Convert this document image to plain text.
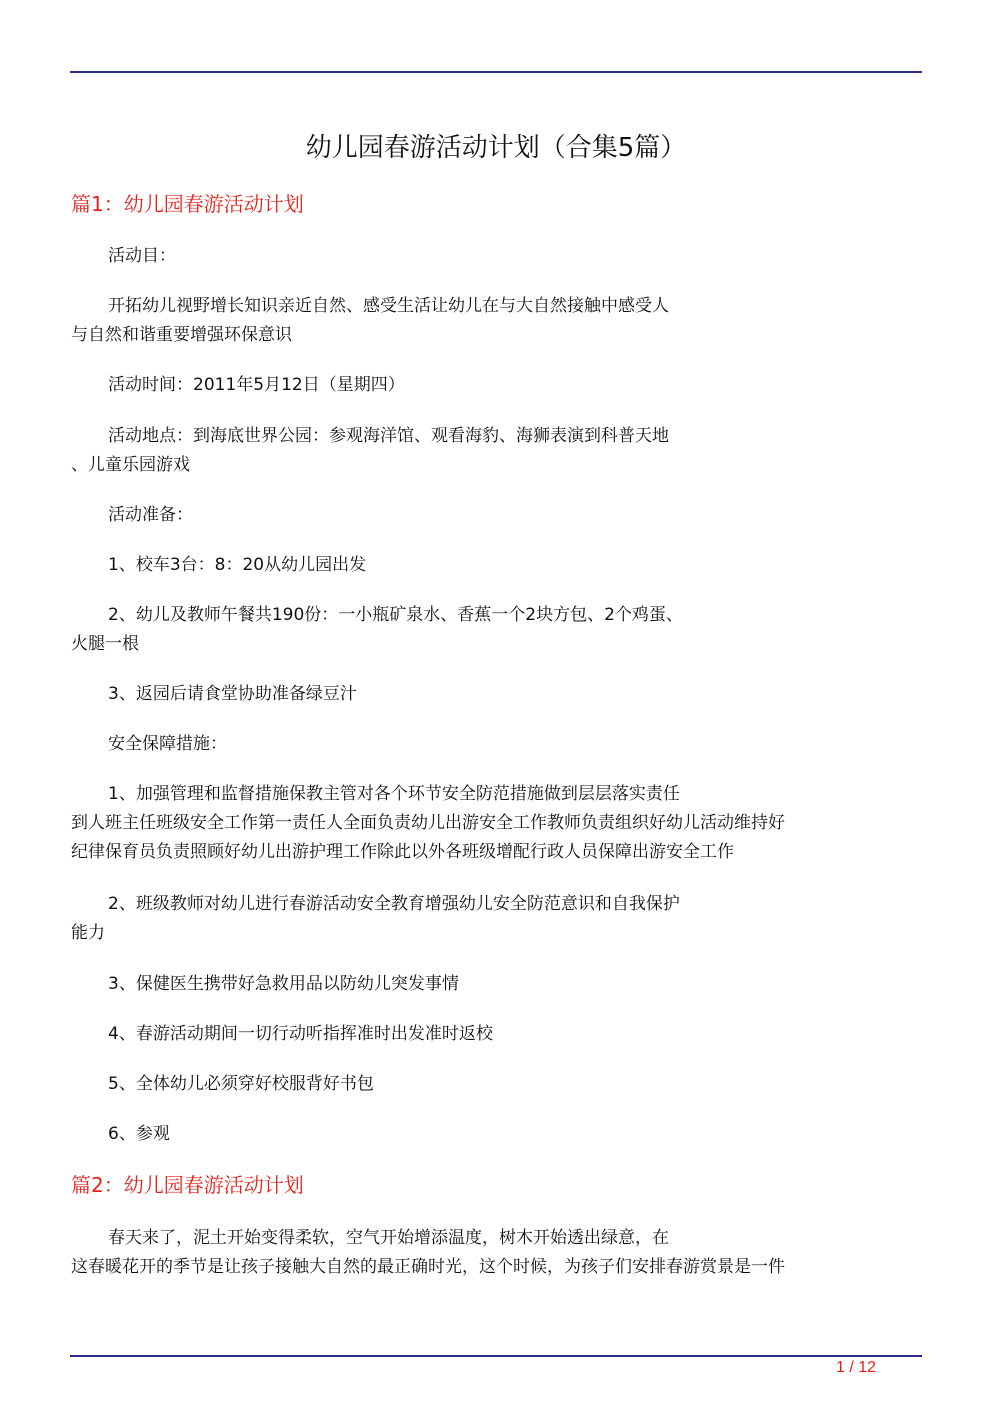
幼儿园春游活动计划（合集5篇）
篇1：幼儿园春游活动计划
活动目：
开拓幼儿视野增长知识亲近自然、感受生活让幼儿在与大自然接触中感受人
与自然和谐重要增强环保意识
活动时间：2011年5月12日（星期四）
活动地点：到海底世界公园：参观海洋馆、观看海豹、海狮表演到科普天地
、儿童乐园游戏
活动准备：
1、校车3台：8：20从幼儿园出发
2、幼儿及教师午餐共190份：一小瓶矿泉水、香蕉一个2块方包、2个鸡蛋、
火腿一根
3、返园后请食堂协助准备绿豆汁
安全保障措施：
1、加强管理和监督措施保教主管对各个环节安全防范措施做到层层落实责任
到人班主任班级安全工作第一责任人全面负责幼儿出游安全工作教师负责组织好幼儿活动维持好
纪律保育员负责照顾好幼儿出游护理工作除此以外各班级增配行政人员保障出游安全工作
2、班级教师对幼儿进行春游活动安全教育增强幼儿安全防范意识和自我保护
能力
3、保健医生携带好急救用品以防幼儿突发事情
4、春游活动期间一切行动听指挥准时出发准时返校
5、全体幼儿必须穿好校服背好书包
6、参观
篇2：幼儿园春游活动计划
春天来了，泥土开始变得柔软，空气开始增添温度，树木开始透出绿意，在
这春暖花开的季节是让孩子接触大自然的最正确时光，这个时候，为孩子们安排春游赏景是一件
1 / 12
